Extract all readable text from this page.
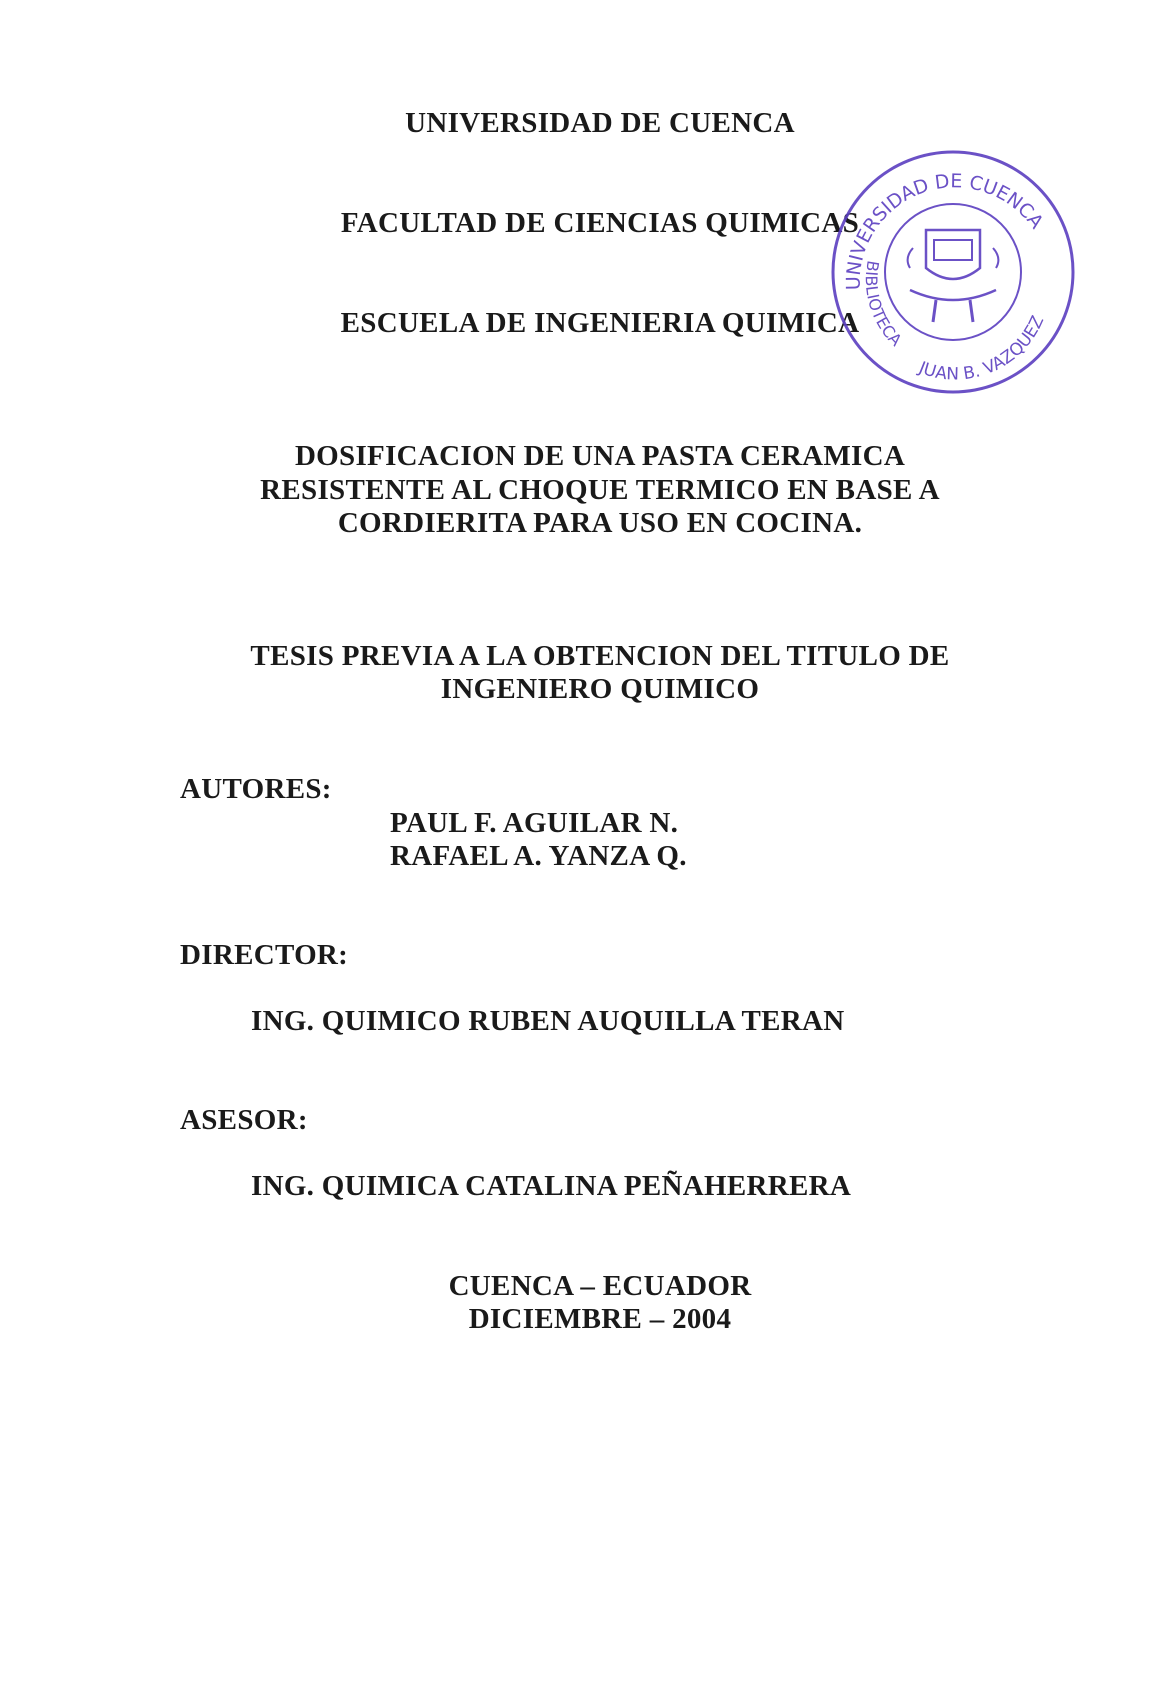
UNIVERSIDAD DE CUENCA
FACULTAD DE CIENCIAS QUIMICAS
ESCUELA DE INGENIERIA QUIMICA
DOSIFICACION DE UNA PASTA CERAMICA
RESISTENTE AL CHOQUE TERMICO EN BASE A
CORDIERITA PARA USO EN COCINA.
TESIS PREVIA A LA OBTENCION DEL TITULO DE
INGENIERO QUIMICO
AUTORES:
PAUL F. AGUILAR N.
RAFAEL A. YANZA Q.
DIRECTOR:
ING. QUIMICO RUBEN AUQUILLA TERAN
ASESOR:
ING. QUIMICA CATALINA PEÑAHERRERA
CUENCA – ECUADOR
DICIEMBRE – 2004
UNIVERSIDAD DE CUENCA
BIBLIOTECA
JUAN B. VAZQUEZ
